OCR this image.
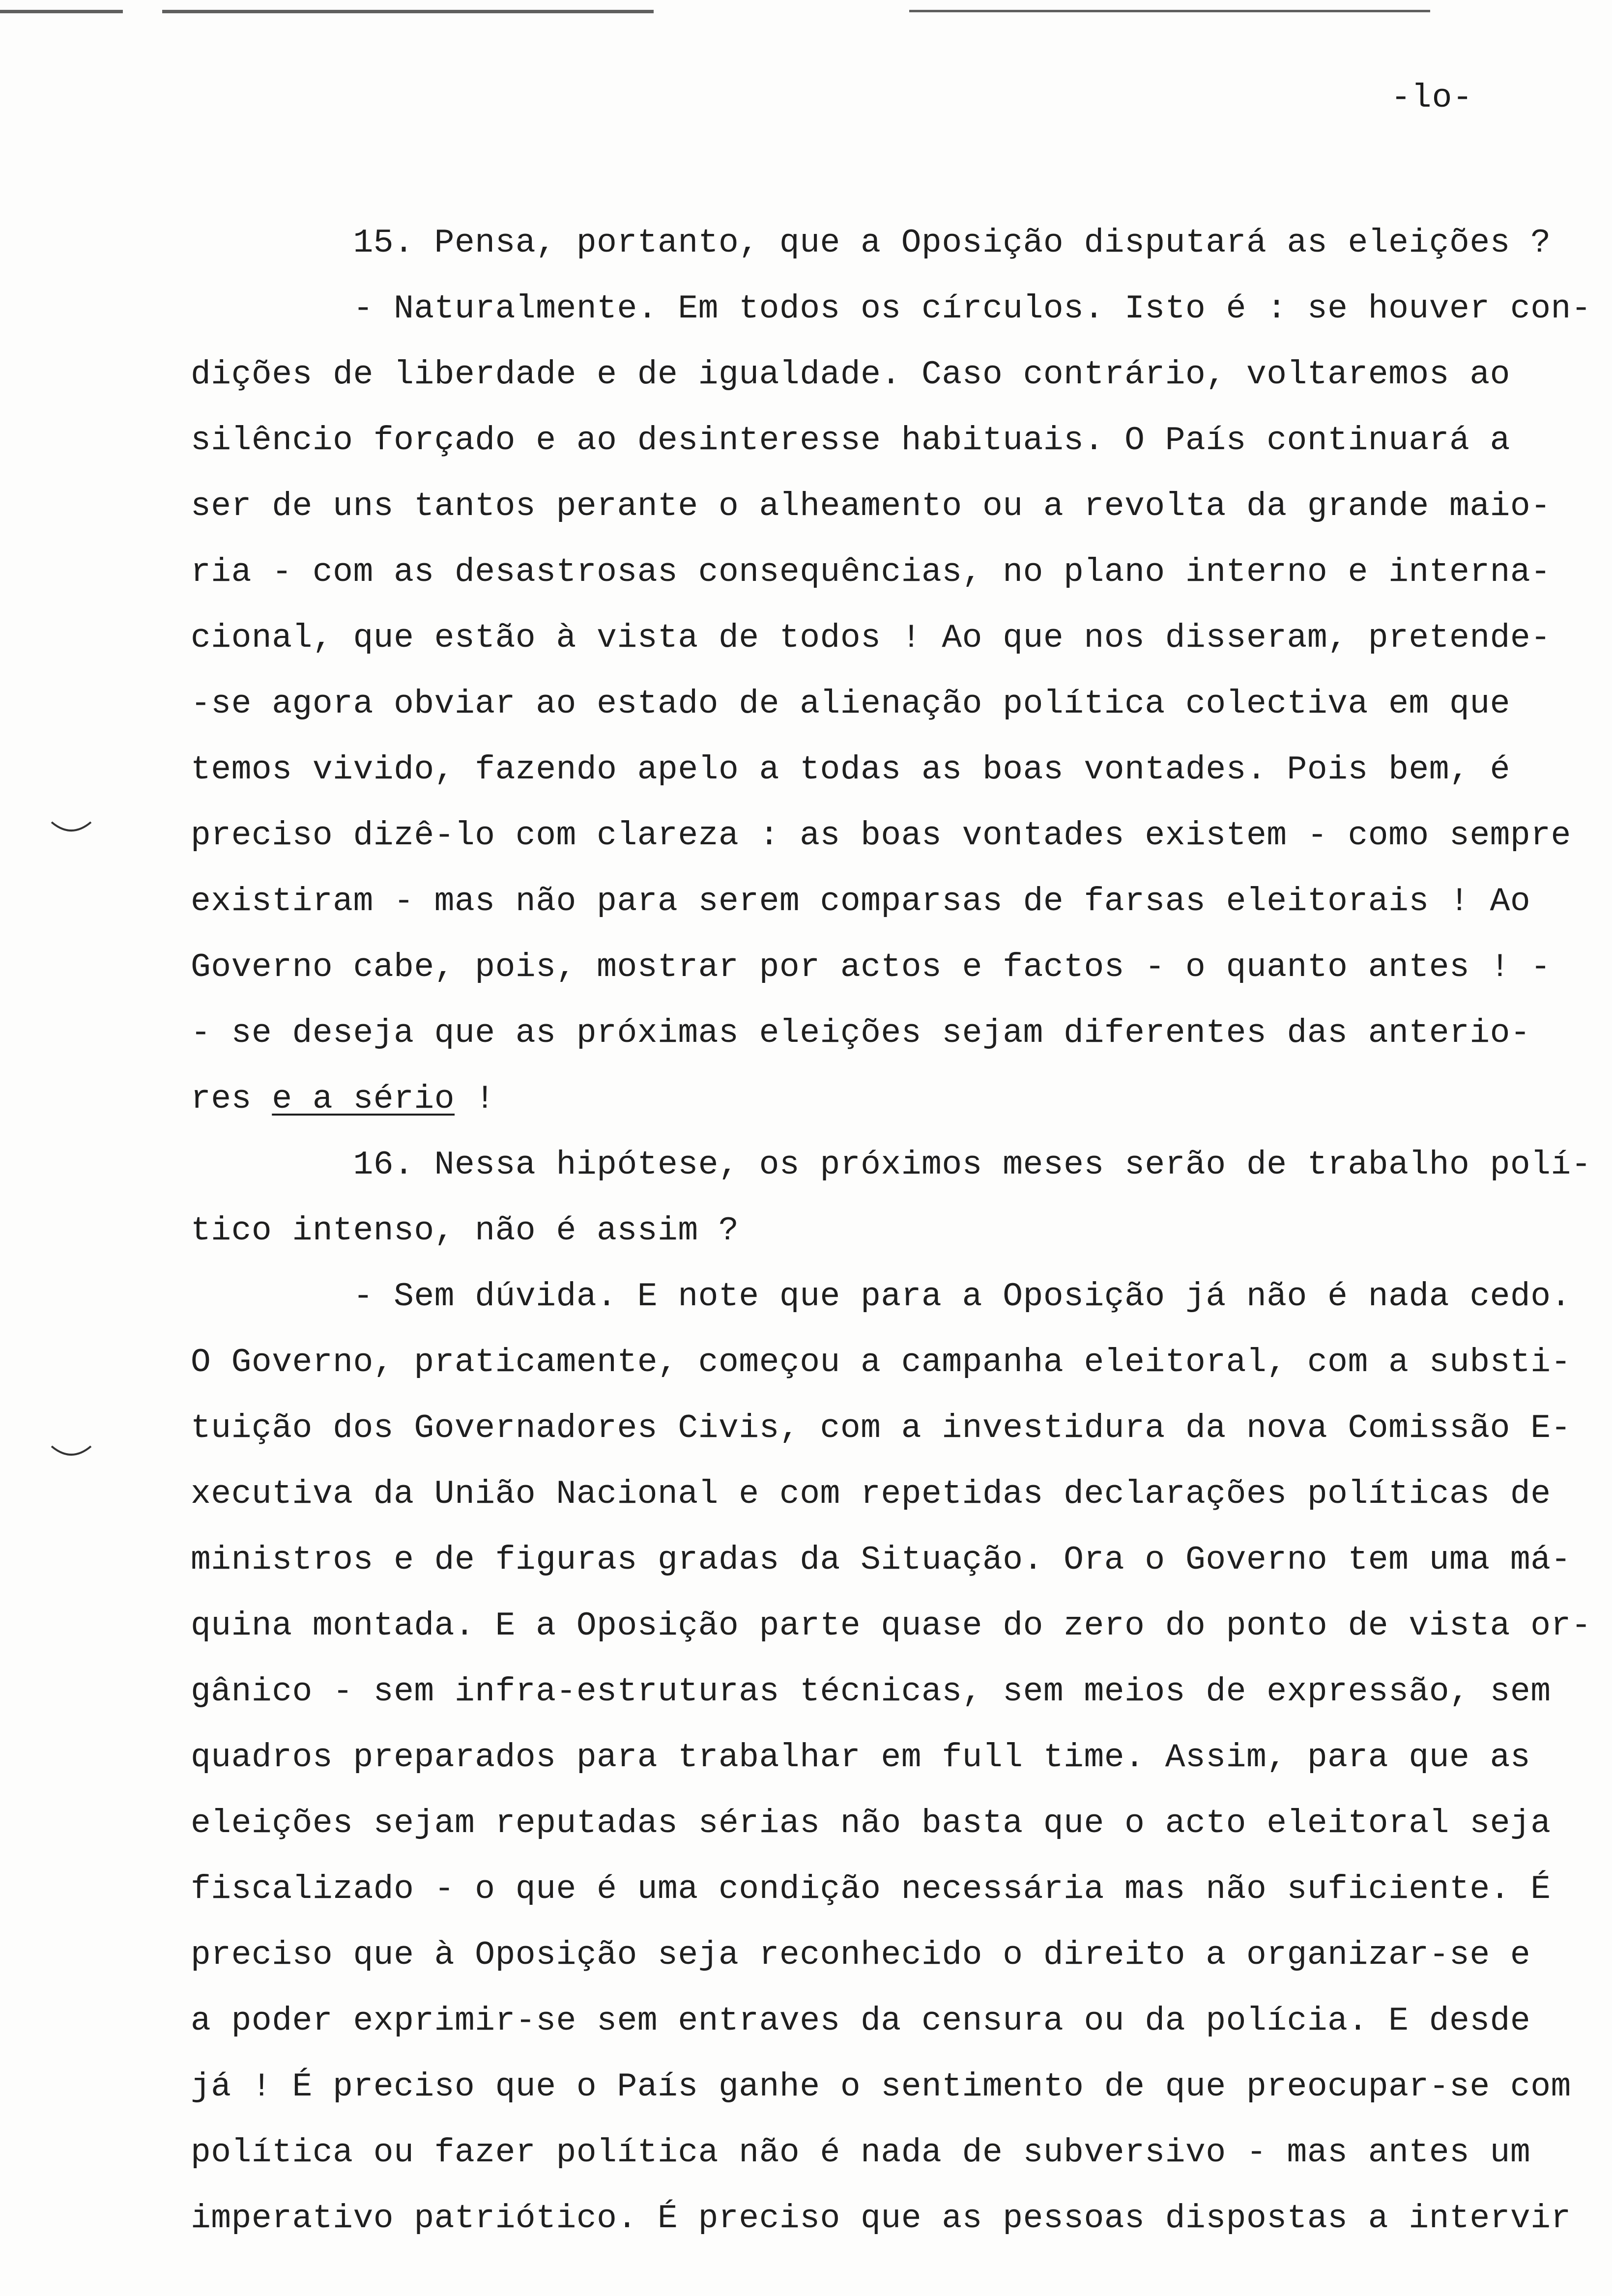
-lo-
15. Pensa, portanto, que a Oposição disputará as eleições ?
- Naturalmente. Em todos os círculos. Isto é : se houver con-
dições de liberdade e de igualdade. Caso contrário, voltaremos ao
silêncio forçado e ao desinteresse habituais. O País continuará a
ser de uns tantos perante o alheamento ou a revolta da grande maio-
ria - com as desastrosas consequências, no plano interno e interna-
cional, que estão à vista de todos ! Ao que nos disseram, pretende-
-se agora obviar ao estado de alienação política colectiva em que
temos vivido, fazendo apelo a todas as boas vontades. Pois bem, é
preciso dizê-lo com clareza : as boas vontades existem - como sempre
existiram - mas não para serem comparsas de farsas eleitorais ! Ao
Governo cabe, pois, mostrar por actos e factos - o quanto antes ! -
- se deseja que as próximas eleições sejam diferentes das anterio-
res e a sério !
16. Nessa hipótese, os próximos meses serão de trabalho polí-
tico intenso, não é assim ?
- Sem dúvida. E note que para a Oposição já não é nada cedo.
O Governo, praticamente, começou a campanha eleitoral, com a substi-
tuição dos Governadores Civis, com a investidura da nova Comissão E-
xecutiva da União Nacional e com repetidas declarações políticas de
ministros e de figuras gradas da Situação. Ora o Governo tem uma má-
quina montada. E a Oposição parte quase do zero do ponto de vista or-
gânico - sem infra-estruturas técnicas, sem meios de expressão, sem
quadros preparados para trabalhar em full time. Assim, para que as
eleições sejam reputadas sérias não basta que o acto eleitoral seja
fiscalizado - o que é uma condição necessária mas não suficiente. É
preciso que à Oposição seja reconhecido o direito a organizar-se e
a poder exprimir-se sem entraves da censura ou da polícia. E desde
já ! É preciso que o País ganhe o sentimento de que preocupar-se com
política ou fazer política não é nada de subversivo - mas antes um
imperativo patriótico. É preciso que as pessoas dispostas a intervir
